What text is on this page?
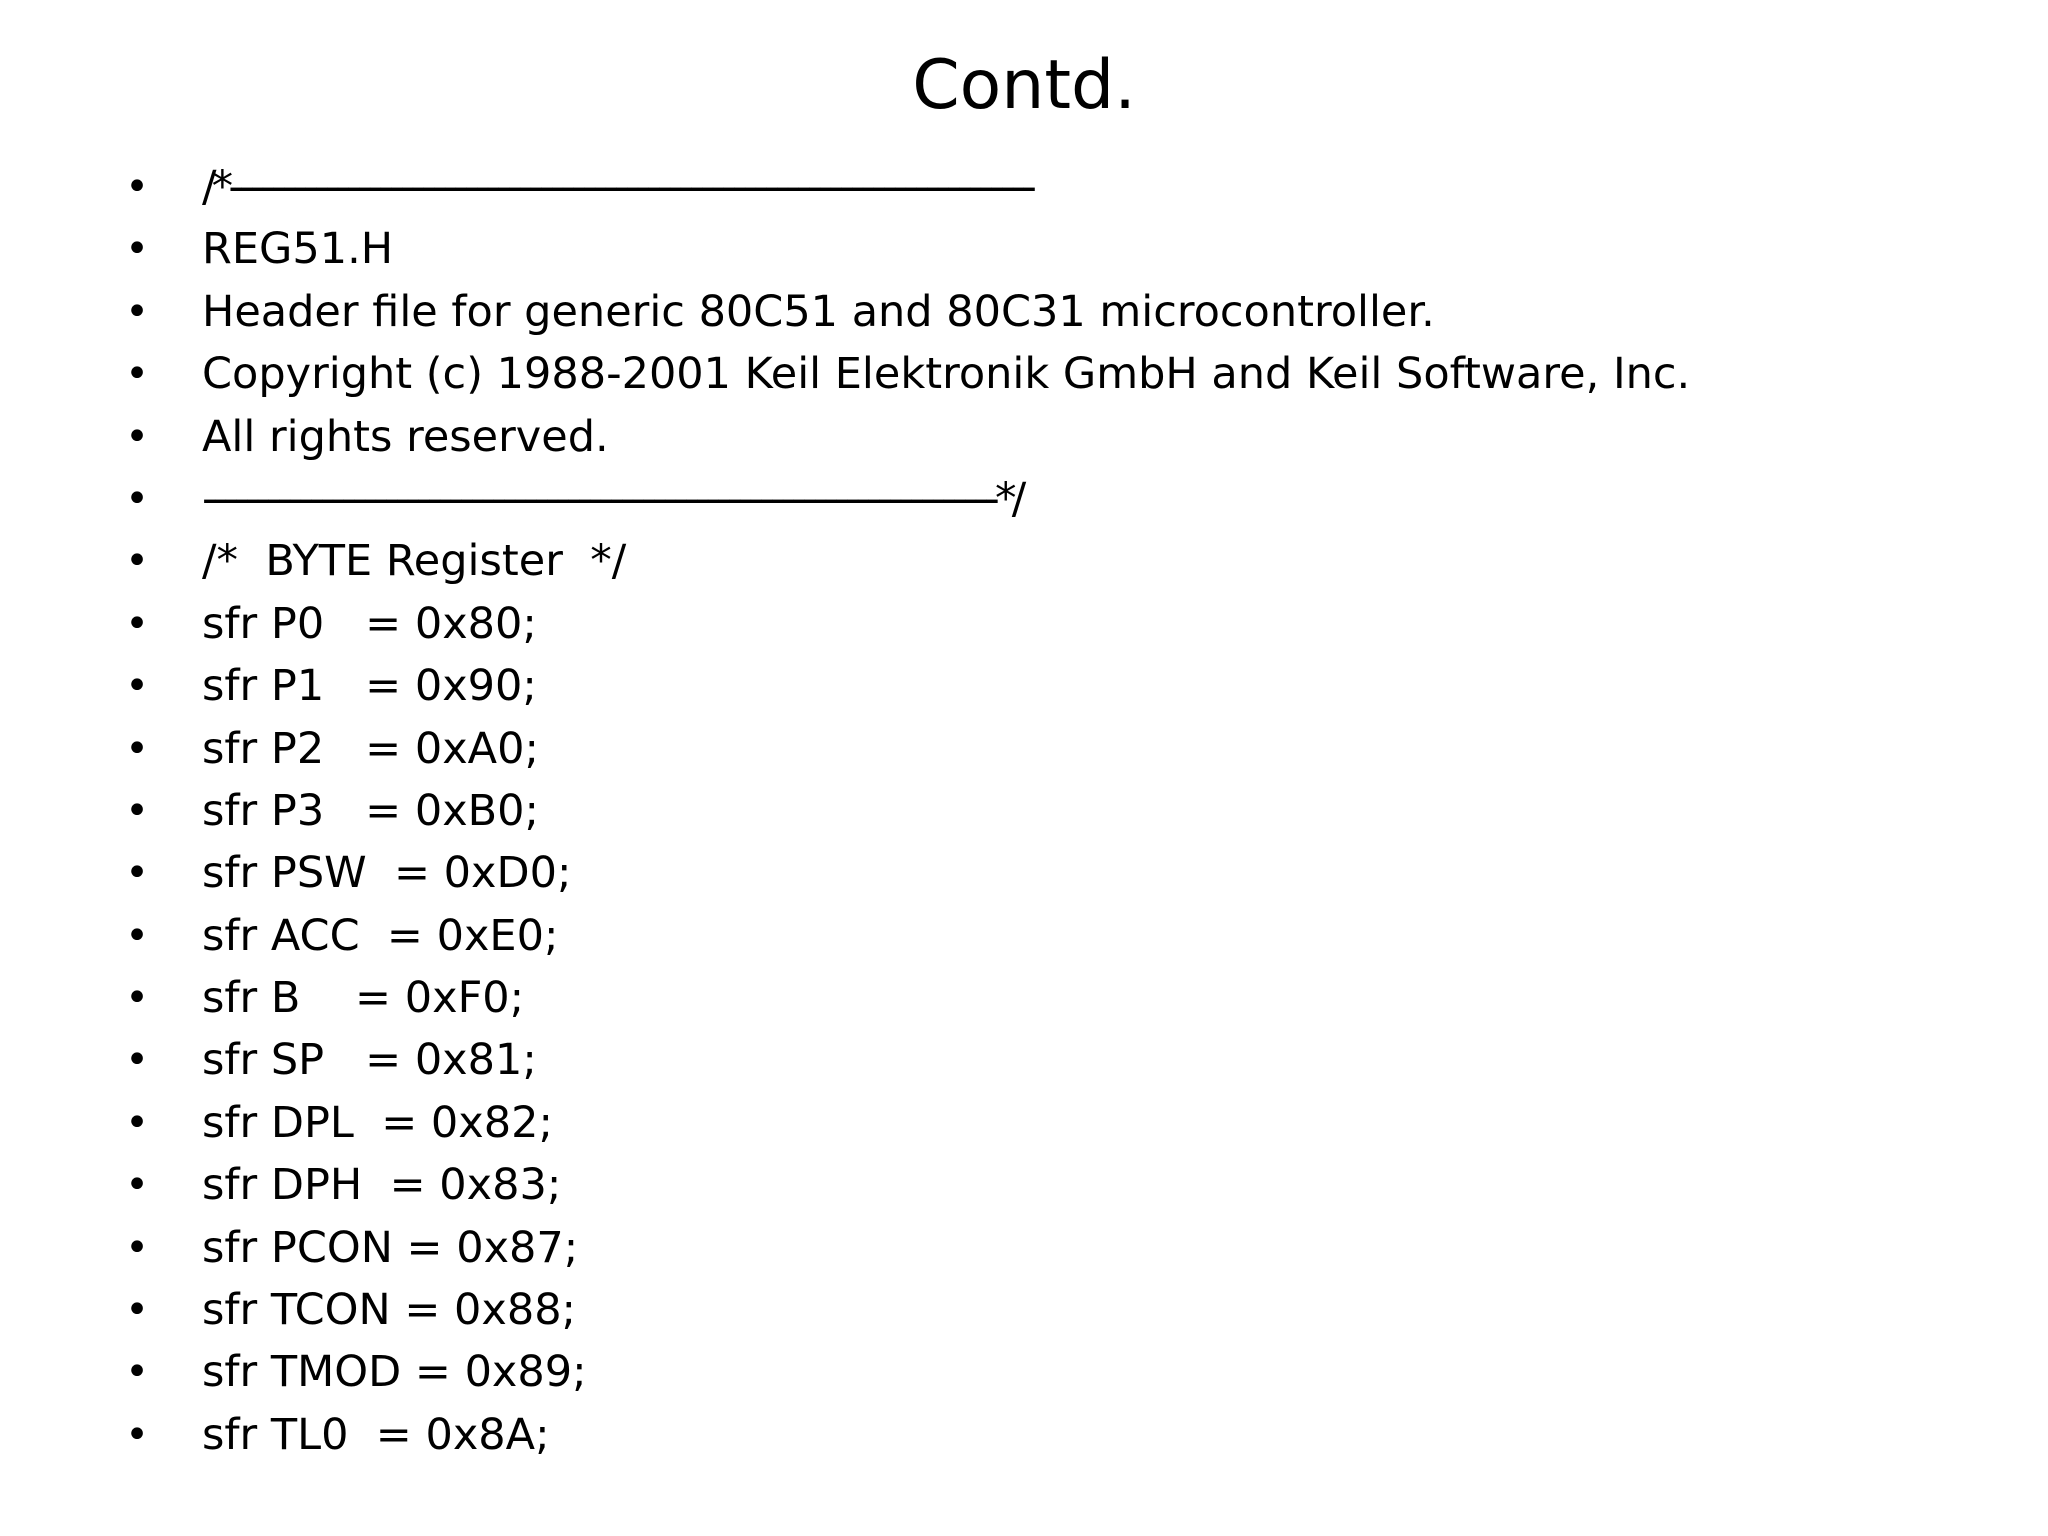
Contd.
• /*---------------------------------------------------------------------------
• REG51.H
• Header file for generic 80C51 and 80C31 microcontroller.
• Copyright (c) 1988-2001 Keil Elektronik GmbH and Keil Software, Inc.
• All rights reserved.
• --------------------------------------------------------------------------*/
• /*  BYTE Register  */
• sfr P0   = 0x80;
• sfr P1   = 0x90;
• sfr P2   = 0xA0;
• sfr P3   = 0xB0;
• sfr PSW  = 0xD0;
• sfr ACC  = 0xE0;
• sfr B    = 0xF0;
• sfr SP   = 0x81;
• sfr DPL  = 0x82;
• sfr DPH  = 0x83;
• sfr PCON = 0x87;
• sfr TCON = 0x88;
• sfr TMOD = 0x89;
• sfr TL0  = 0x8A;
